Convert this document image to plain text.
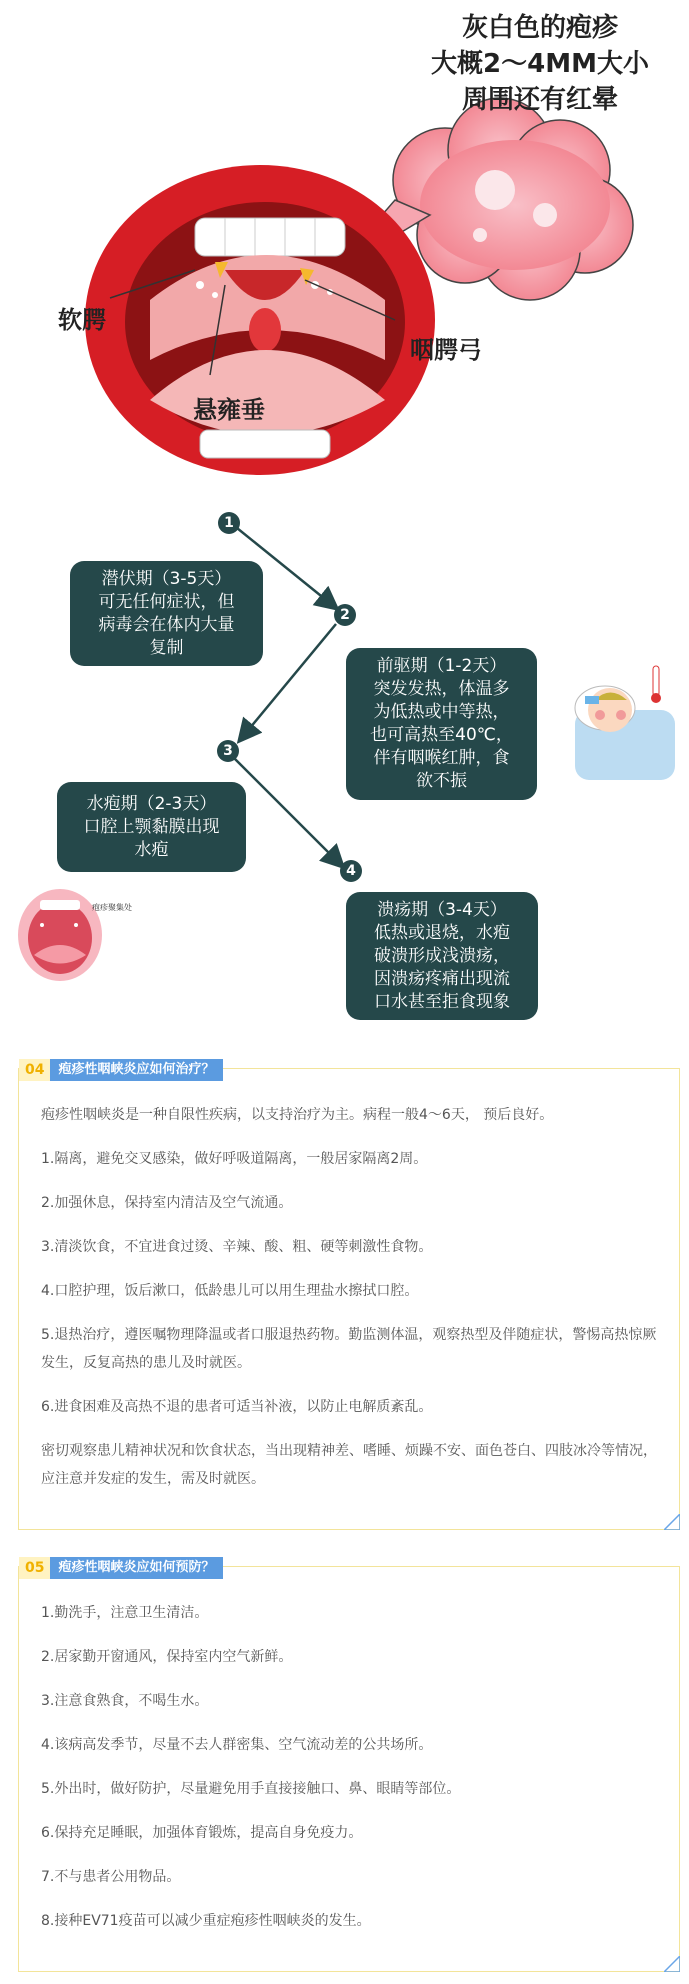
灰白色的疱疹
大概2～4MM大小
周围还有红晕
软腭
咽腭弓
悬雍垂
1
2
3
4
潜伏期（3-5天）
可无任何症状，但
病毒会在体内大量
复制
前驱期（1-2天）
突发发热，体温多
为低热或中等热，
也可高热至40℃，
伴有咽喉红肿，食
欲不振
水疱期（2-3天）
口腔上颚黏膜出现
水疱
疱疹聚集处	溃疡期（3-4天）
低热或退烧，水疱
破溃形成浅溃疡，
因溃疡疼痛出现流
口水甚至拒食现象
04	疱疹性咽峡炎应如何治疗？

疱疹性咽峡炎是一种自限性疾病，以支持治疗为主。病程一般4～6天， 预后良好。

1.隔离，避免交叉感染，做好呼吸道隔离，一般居家隔离2周。

2.加强休息，保持室内清洁及空气流通。

3.清淡饮食，不宜进食过烫、辛辣、酸、粗、硬等刺激性食物。

4.口腔护理，饭后漱口，低龄患儿可以用生理盐水擦拭口腔。

5.退热治疗，遵医嘱物理降温或者口服退热药物。勤监测体温，观察热型及伴随症状，警惕高热惊厥发生，反复高热的患儿及时就医。

6.进食困难及高热不退的患者可适当补液，以防止电解质紊乱。

密切观察患儿精神状况和饮食状态，当出现精神差、嗜睡、烦躁不安、面色苍白、四肢冰冷等情况，应注意并发症的发生，需及时就医。

05	疱疹性咽峡炎应如何预防？

1.勤洗手，注意卫生清洁。

2.居家勤开窗通风，保持室内空气新鲜。

3.注意食熟食，不喝生水。

4.该病高发季节，尽量不去人群密集、空气流动差的公共场所。

5.外出时，做好防护，尽量避免用手直接接触口、鼻、眼睛等部位。

6.保持充足睡眠，加强体育锻炼，提高自身免疫力。

7.不与患者公用物品。

8.接种EV71疫苗可以减少重症疱疹性咽峡炎的发生。
